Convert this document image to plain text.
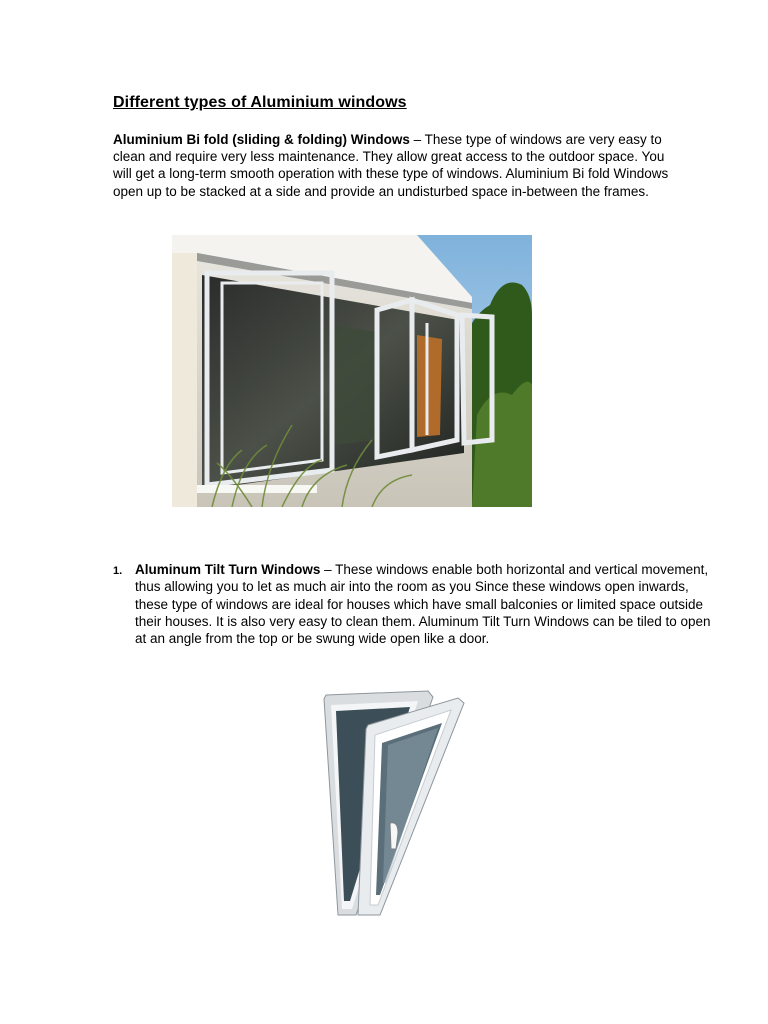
Different types of Aluminium windows

Aluminium Bi fold (sliding & folding) Windows – These type of windows are very easy to clean and require very less maintenance. They allow great access to the outdoor space. You will get a long-term smooth operation with these type of windows. Aluminium Bi fold Windows open up to be stacked at a side and provide an undisturbed space in-between the frames.

1. Aluminum Tilt Turn Windows – These windows enable both horizontal and vertical movement, thus allowing you to let as much air into the room as you Since these windows open inwards, these type of windows are ideal for houses which have small balconies or limited space outside their houses. It is also very easy to clean them. Aluminum Tilt Turn Windows can be tiled to open at an angle from the top or be swung wide open like a door.
